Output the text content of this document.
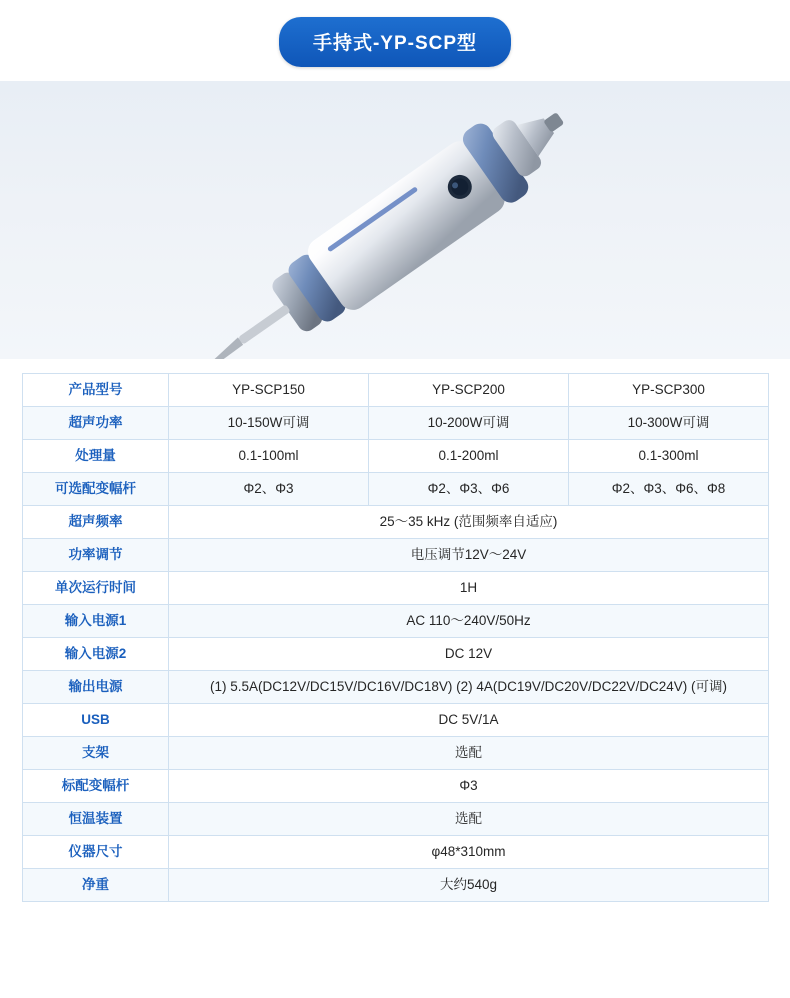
手持式-YP-SCP型
产品型号	YP-SCP150	YP-SCP200	YP-SCP300
超声功率	10-150W可调	10-200W可调	10-300W可调
处理量	0.1-100ml	0.1-200ml	0.1-300ml
可选配变幅杆	Φ2、Φ3	Φ2、Φ3、Φ6	Φ2、Φ3、Φ6、Φ8
超声频率	25～35 kHz (范围频率自适应)		
功率调节	电压调节12V～24V		
单次运行时间	1H		
输入电源1	AC 110～240V/50Hz		
输入电源2	DC 12V		
输出电源	(1) 5.5A(DC12V/DC15V/DC16V/DC18V) (2) 4A(DC19V/DC20V/DC22V/DC24V) (可调)		
USB	DC 5V/1A		
支架	选配		
标配变幅杆	Φ3		
恒温装置	选配		
仪器尺寸	φ48*310mm		
净重	大约540g		
